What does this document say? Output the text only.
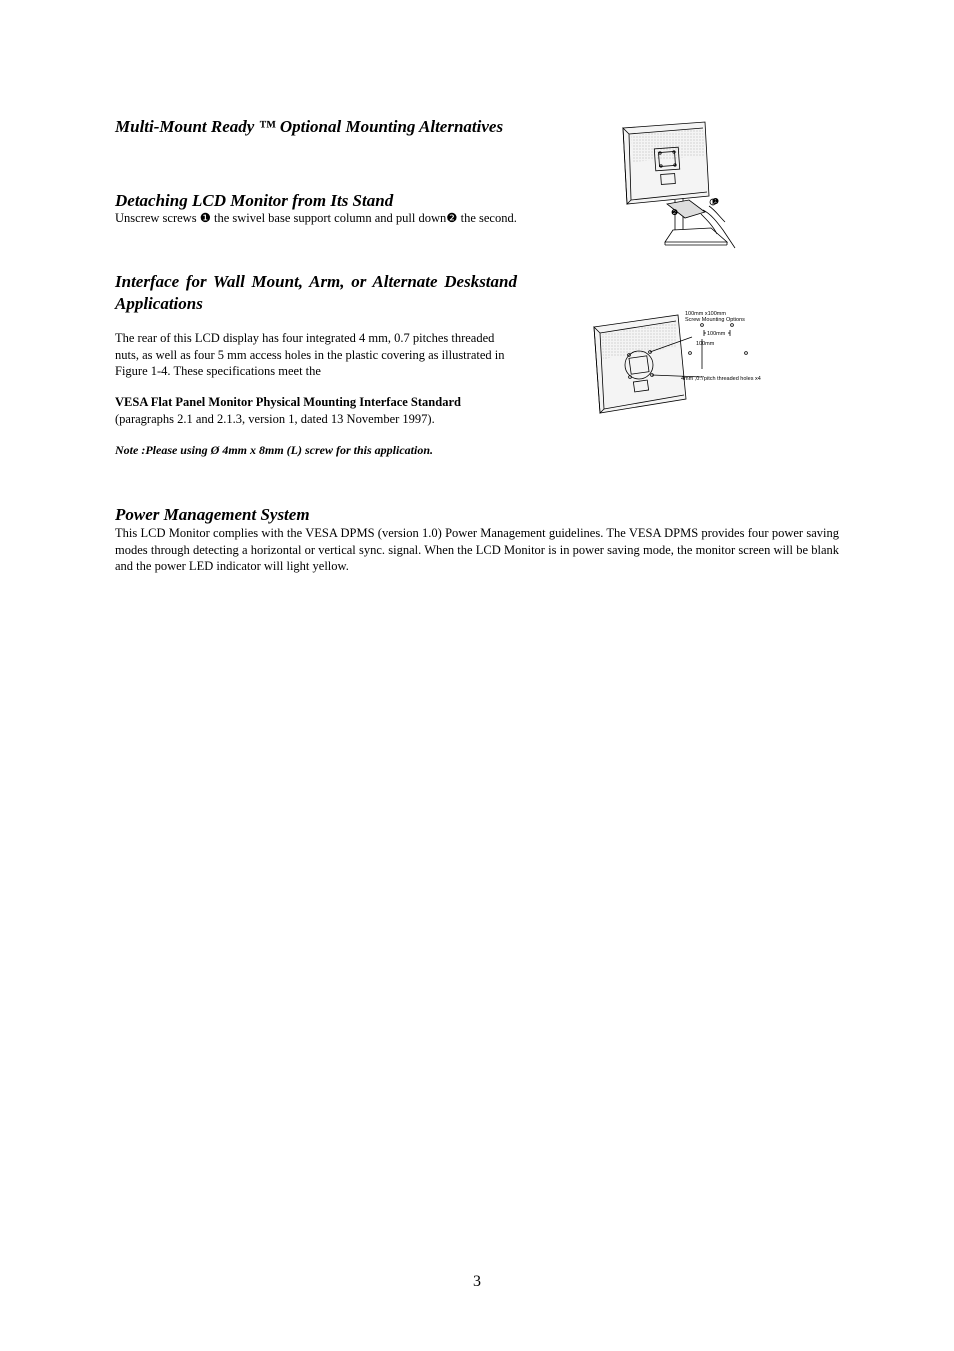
Multi-Mount Ready ™ Optional Mounting Alternatives
Detaching LCD Monitor from Its Stand

Unscrew screws ❶ the swivel base support column and pull down❷ the second.

Interface for Wall Mount, Arm, or Alternate Deskstand Applications

The rear of this LCD display has four integrated 4 mm, 0.7 pitches threaded nuts, as well as four 5 mm access holes in the plastic covering as illustrated in Figure 1-4. These specifications meet the

VESA Flat Panel Monitor Physical Mounting Interface Standard
(paragraphs 2.1 and 2.1.3, version 1, dated 13 November 1997).

Note :Please using Ø 4mm x 8mm (L) screw for this application.

Power Management System

This LCD Monitor complies with the VESA DPMS (version 1.0) Power Management guidelines. The VESA DPMS provides four power saving modes through detecting a horizontal or vertical sync. signal. When the LCD Monitor is in power saving mode, the monitor screen will be blank and the power LED indicator will light yellow.

❶
❷
100mm x100mm
Screw Mounting Options
100mm
100mm
4mm ,0.7pitch threaded holes x4
3
